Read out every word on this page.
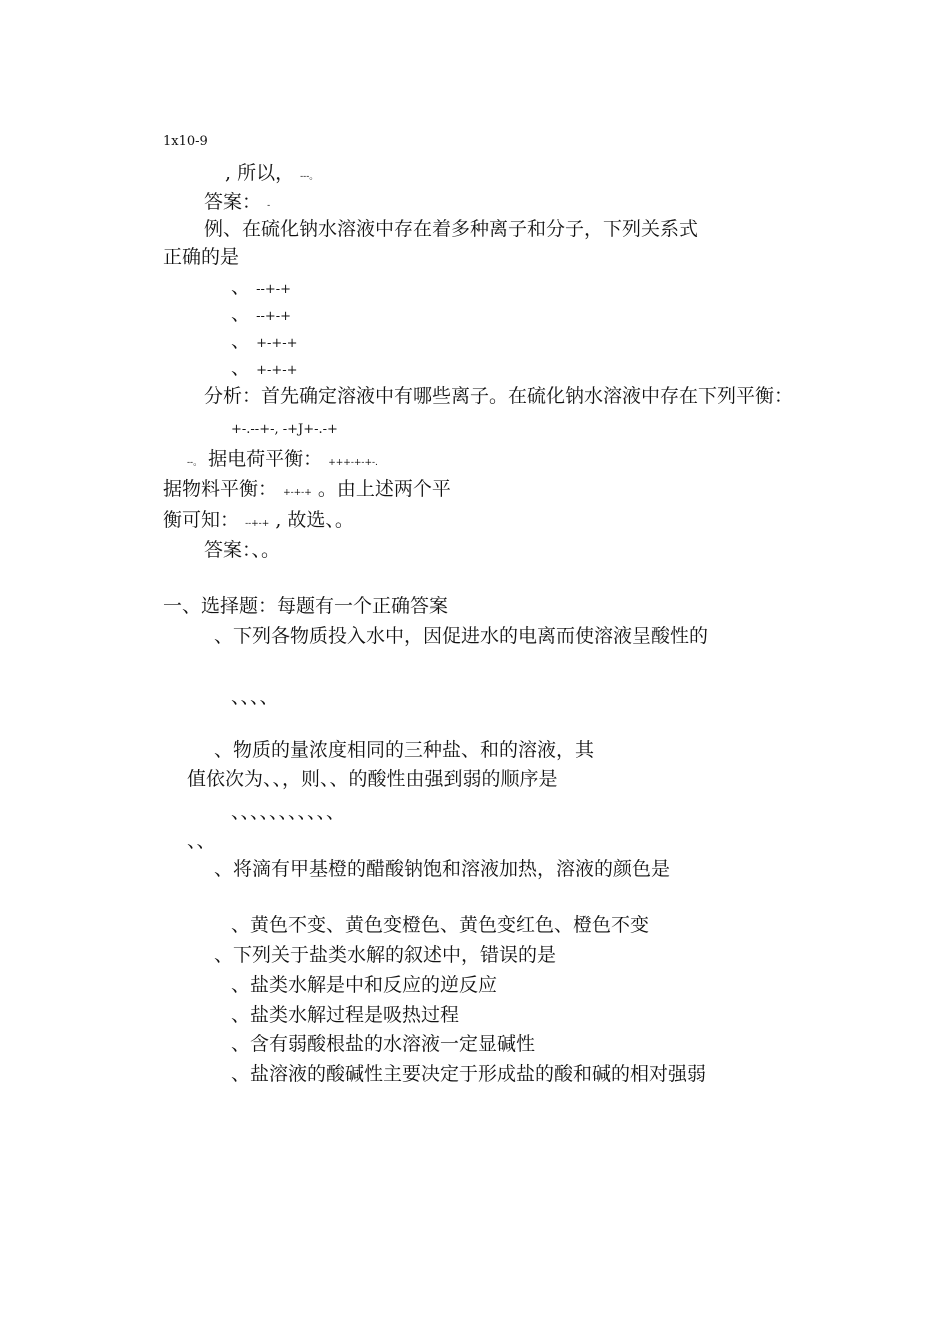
1x10-9
, 所以， ---。
答案： -
例、在硫化钠水溶液中存在着多种离子和分子，下列关系式
正确的是
、 --+-+
、 --+-+
、 +-+-+
、 +-+-+
分析：首先确定溶液中有哪些离子。在硫化钠水溶液中存在下列平衡：
+-.--+-, -+J+-.-+
--。 据电荷平衡： +++-+-+-.
据物料平衡： +-+-+ 。由上述两个平
衡可知： --+-+ , 故选、。
答案：、。
一、选择题：每题有一个正确答案
、下列各物质投入水中，因促进水的电离而使溶液呈酸性的
、、、、
、物质的量浓度相同的三种盐、和的溶液，其
值依次为、、，则、、的酸性由强到弱的顺序是
、、、、、、、、、、、
、、
、将滴有甲基橙的醋酸钠饱和溶液加热，溶液的颜色是
、黄色不变、黄色变橙色、黄色变红色、橙色不变
、下列关于盐类水解的叙述中，错误的是
、盐类水解是中和反应的逆反应
、盐类水解过程是吸热过程
、含有弱酸根盐的水溶液一定显碱性
、盐溶液的酸碱性主要决定于形成盐的酸和碱的相对强弱
